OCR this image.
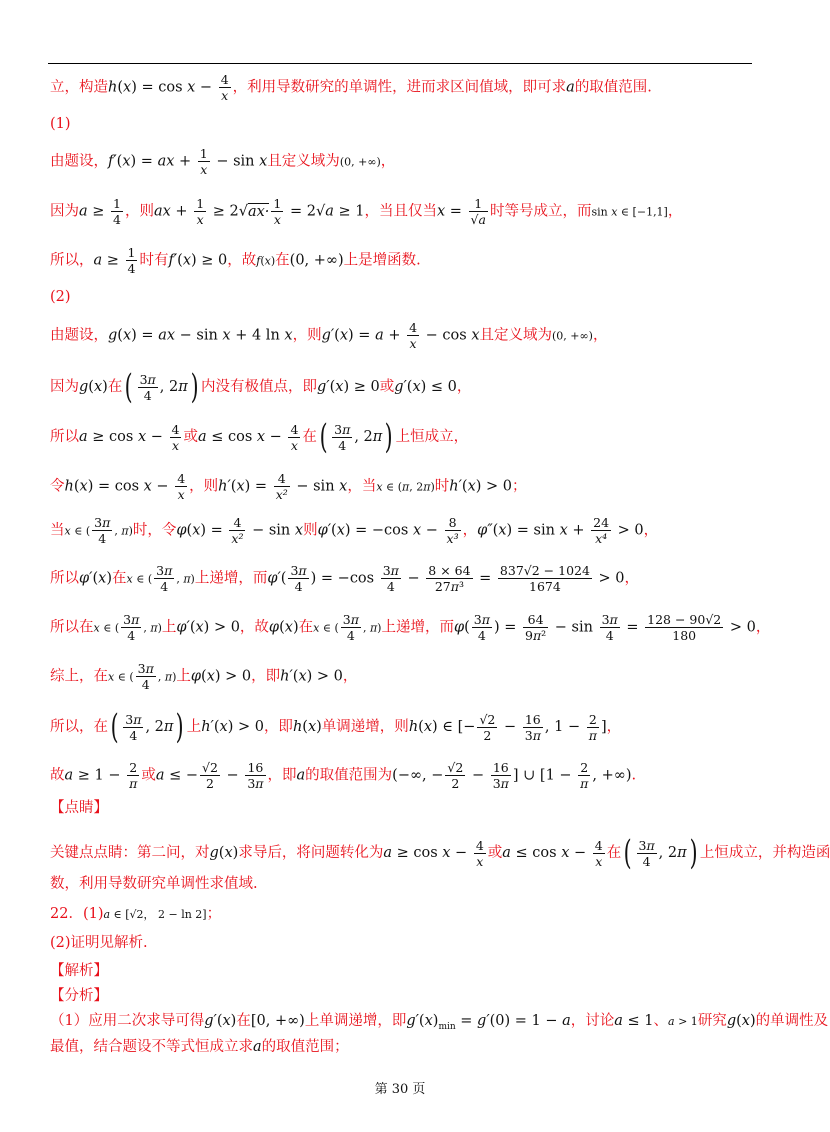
立，构造$h(x) = \cos x - \frac{4}{x}$ ，利用导数研究的单调性，进而求区间值域，即可求a的取值范围.
(1)
由题设，f′(x) = ax + $\frac{1}{x} - \sin x$且定义域为(0, +∞)，
因为$a \ge \frac{1}{4}$ ，则ax + $\frac{1}{x} \ge 2√ax\cdot \frac{1}{x} = 2√a \ge 1$，当且仅当$x = \frac{1}{√a}$ 时等号成立，而sin x ∈ [−1,1]，
所以，$a \ge \frac{1}{4}$ 时有f′(x) ≥ 0，故f(x)在(0, +∞)上是增函数.
(2)
由题设，g(x) = ax − sin x + 4 ln x，则$g'(x) = a + \frac{4}{x} - \cos x$且定义域为(0, +∞)，
因为g(x)在( $\frac{3\pi}{4}$ , 2π) 内没有极值点，即g′(x) ≥ 0或g′(x) ≤ 0，
所以$a \ge \cos x - \frac{4}{x}$ 或$a \le \cos x - \frac{4}{x}$ 在( $\frac{3\pi}{4}$ , 2π) 上恒成立，
令$h(x) = \cos x - \frac{4}{x}$ ，则$h'(x) = \frac{4}{\text{x²}} - \sin x$，当x ∈ (π, 2π)时h′(x) > 0；
当x ∈ ( $\frac{3\pi}{4}$ , π)时，令$\varphi(x) = \frac{4}{\text{x²}} - \sin x$则φ′(x) = −cos $x - \frac{8}{\text{x³}}$ ，$\varphi''(x) = \sin x + \frac{24}{\text{x⁴}} > 0$，
所以φ′(x)在x ∈ ( $\frac{3\pi}{4}$ , π)上递增，而$\varphi'( \frac{3\pi}{4}$ ) = $-\cos \frac{3\pi}{4} - \frac{8 \times 64}{\text{27π³}} = \frac{837√2 - 1024}{1674} > 0$，
所以在x ∈ ( $\frac{3\pi}{4}$ , π)上φ′(x) > 0，故φ(x)在x ∈ ( $\frac{3\pi}{4}$ , π)上递增，而$\varphi( \frac{3\pi}{4}$ ) = $\frac{64}{\text{9π²}} - \sin \frac{3\pi}{4} = \frac{128 - 90√2}{180} > 0$，
综上，在x ∈ ( $\frac{3\pi}{4}$ , π)上φ(x) > 0，即h′(x) > 0，
所以，在( $\frac{3\pi}{4}$ , 2π) 上h′(x) > 0，即h(x)单调递增，则h(x) ∈ [− $\frac{√2}{2} - \frac{16}{3\pi}$ , $1 - \frac{2}{\pi}$ ]，
故$a \ge 1 - \frac{2}{\pi}$ 或a ≤ − $\frac{√2}{2} - \frac{16}{3\pi}$ ，即a的取值范围为(−∞, − $\frac{√2}{2} - \frac{16}{3\pi}$ ] ∪ [$1 - \frac{2}{\pi}$ , +∞).
【点睛】
关键点点睛：第二问，对g(x)求导后，将问题转化为$a \ge \cos x - \frac{4}{x}$ 或$a \le \cos x - \frac{4}{x}$ 在( $\frac{3\pi}{4}$ , 2π) 上恒成立，并构造函
数，利用导数研究单调性求值域.
22．(1)a ∈ [√2， 2 − ln 2]；
(2)证明见解析.
【解析】
【分析】
（1）应用二次求导可得g′(x)在[0, +∞)上单调递增，即$g'(x)_{min} = g'(0) = 1 - a$，讨论a ≤ 1、a > 1研究g(x)的单调性及
最值，结合题设不等式恒成立求a的取值范围；
第 30 页
